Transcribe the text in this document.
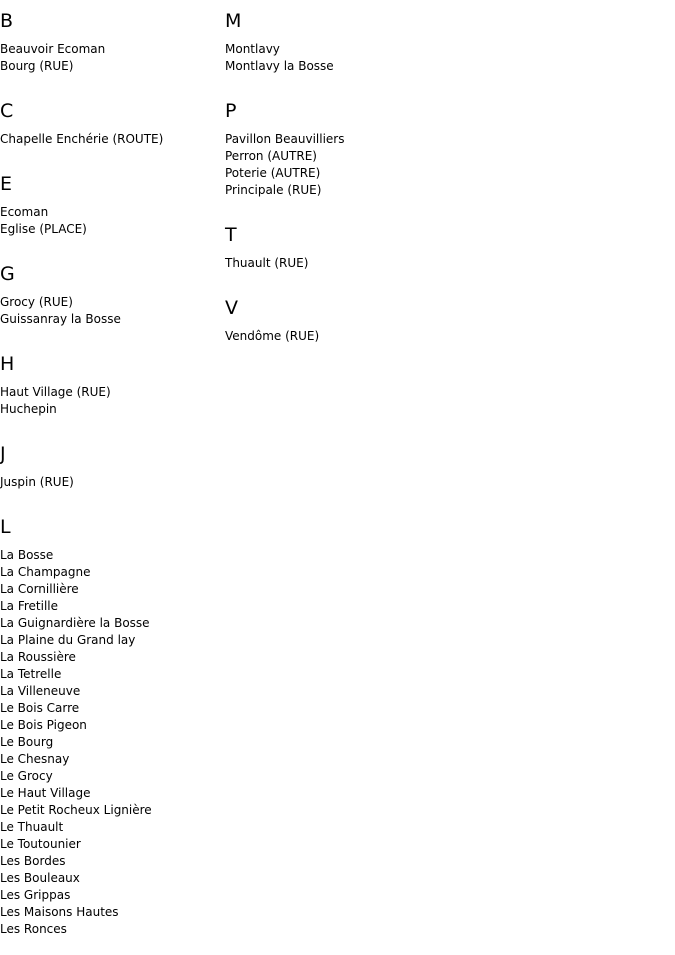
B
Beauvoir Ecoman
Bourg (RUE)
C
Chapelle Enchérie (ROUTE)
E
Ecoman
Eglise (PLACE)
G
Grocy (RUE)
Guissanray la Bosse
H
Haut Village (RUE)
Huchepin
J
Juspin (RUE)
L
La Bosse
La Champagne
La Cornillière
La Fretille
La Guignardière la Bosse
La Plaine du Grand lay
La Roussière
La Tetrelle
La Villeneuve
Le Bois Carre
Le Bois Pigeon
Le Bourg
Le Chesnay
Le Grocy
Le Haut Village
Le Petit Rocheux Lignière
Le Thuault
Le Toutounier
Les Bordes
Les Bouleaux
Les Grippas
Les Maisons Hautes
Les Ronces
M
Montlavy
Montlavy la Bosse
P
Pavillon Beauvilliers
Perron (AUTRE)
Poterie (AUTRE)
Principale (RUE)
T
Thuault (RUE)
V
Vendôme (RUE)
